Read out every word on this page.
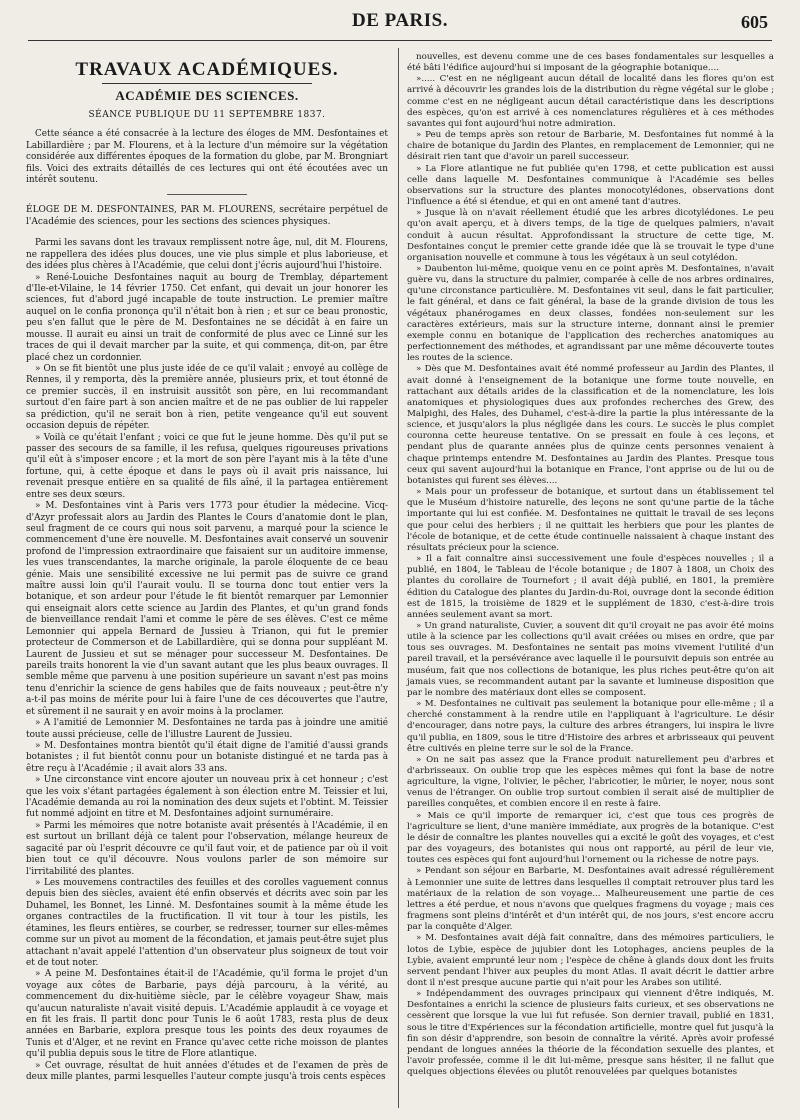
DE PARIS.	605
TRAVAUX ACADÉMIQUES.
ACADÉMIE DES SCIENCES.
SÉANCE PUBLIQUE DU 11 SEPTEMBRE 1837.

Cette séance a été consacrée à la lecture des éloges de MM. Desfontaines et Labillardière ; par M. Flourens, et à la lecture d'un mémoire sur la végétation considérée aux différentes époques de la formation du globe, par M. Brongniart fils. Voici des extraits détaillés de ces lectures qui ont été écoutées avec un intérêt soutenu.

ÉLOGE DE M. DESFONTAINES, PAR M. FLOURENS, secrétaire perpétuel de l'Académie des sciences, pour les sections des sciences physiques.

Parmi les savans dont les travaux remplissent notre âge, nul, dit M. Flourens, ne rappellera des idées plus douces, une vie plus simple et plus laborieuse, et des idées plus chères à l'Académie, que celui dont j'écris aujourd'hui l'histoire.

» René-Louiche Desfontaines naquit au bourg de Tremblay, département d'Ile-et-Vilaine, le 14 février 1750. Cet enfant, qui devait un jour honorer les sciences, fut d'abord jugé incapable de toute instruction. Le premier maître auquel on le confia prononça qu'il n'était bon à rien ; et sur ce beau pronostic, peu s'en fallut que le père de M. Desfontaines ne se décidât à en faire un mousse. Il aurait eu ainsi un trait de conformité de plus avec ce Linné sur les traces de qui il devait marcher par la suite, et qui commença, dit-on, par être placé chez un cordonnier.

» On se fit bientôt une plus juste idée de ce qu'il valait ; envoyé au collège de Rennes, il y remporta, dès la première année, plusieurs prix, et tout étonné de ce premier succès, il en instruisit aussitôt son père, en lui recommandant surtout d'en faire part à son ancien maître et de ne pas oublier de lui rappeler sa prédiction, qu'il ne serait bon à rien, petite vengeance qu'il eut souvent occasion depuis de répéter.

» Voilà ce qu'était l'enfant ; voici ce que fut le jeune homme. Dès qu'il put se passer des secours de sa famille, il les refusa, quelques rigoureuses privations qu'il eût à s'imposer encore ; et la mort de son père l'ayant mis à la tête d'une fortune, qui, à cette époque et dans le pays où il avait pris naissance, lui revenait presque entière en sa qualité de fils aîné, il la partagea entièrement entre ses deux sœurs.

» M. Desfontaines vint à Paris vers 1773 pour étudier la médecine. Vicq-d'Azyr professait alors au Jardin des Plantes le Cours d'anatomie dont le plan, seul fragment de ce cours qui nous soit parvenu, a marqué pour la science le commencement d'une ère nouvelle. M. Desfontaines avait conservé un souvenir profond de l'impression extraordinaire que faisaient sur un auditoire immense, les vues transcendantes, la marche originale, la parole éloquente de ce beau génie. Mais une sensibilité excessive ne lui permit pas de suivre ce grand maître aussi loin qu'il l'aurait voulu. Il se tourna donc tout entier vers la botanique, et son ardeur pour l'étude le fit bientôt remarquer par Lemonnier qui enseignait alors cette science au Jardin des Plantes, et qu'un grand fonds de bienveillance rendait l'ami et comme le père de ses élèves. C'est ce même Lemonnier qui appela Bernard de Jussieu à Trianon, qui fut le premier protecteur de Commerson et de Labillardière, qui se donna pour suppléant M. Laurent de Jussieu et sut se ménager pour successeur M. Desfontaines. De pareils traits honorent la vie d'un savant autant que les plus beaux ouvrages. Il semble même que parvenu à une position supérieure un savant n'est pas moins tenu d'enrichir la science de gens habiles que de faits nouveaux ; peut-être n'y a-t-il pas moins de mérite pour lui à faire l'une de ces découvertes que l'autre, et sûrement il ne saurait y en avoir moins à la proclamer.

» A l'amitié de Lemonnier M. Desfontaines ne tarda pas à joindre une amitié toute aussi précieuse, celle de l'illustre Laurent de Jussieu.

» M. Desfontaines montra bientôt qu'il était digne de l'amitié d'aussi grands botanistes ; il fut bientôt connu pour un botaniste distingué et ne tarda pas à être reçu à l'Académie ; il avait alors 33 ans.

» Une circonstance vint encore ajouter un nouveau prix à cet honneur ; c'est que les voix s'étant partagées également à son élection entre M. Teissier et lui, l'Académie demanda au roi la nomination des deux sujets et l'obtint. M. Teissier fut nommé adjoint en titre et M. Desfontaines adjoint surnuméraire.

» Parmi les mémoires que notre botaniste avait présentés à l'Académie, il en est surtout un brillant déjà ce talent pour l'observation, mélange heureux de sagacité par où l'esprit découvre ce qu'il faut voir, et de patience par où il voit bien tout ce qu'il découvre. Nous voulons parler de son mémoire sur l'irritabilité des plantes.

» Les mouvemens contractiles des feuilles et des corolles vaguement connus depuis bien des siècles, avaient été enfin observés et décrits avec soin par les Duhamel, les Bonnet, les Linné. M. Desfontaines soumit à la même étude les organes contractiles de la fructification. Il vit tour à tour les pistils, les étamines, les fleurs entières, se courber, se redresser, tourner sur elles-mêmes comme sur un pivot au moment de la fécondation, et jamais peut-être sujet plus attachant n'avait appelé l'attention d'un observateur plus soigneux de tout voir et de tout noter.

» A peine M. Desfontaines était-il de l'Académie, qu'il forma le projet d'un voyage aux côtes de Barbarie, pays déjà parcouru, à la vérité, au commencement du dix-huitième siècle, par le célèbre voyageur Shaw, mais qu'aucun naturaliste n'avait visité depuis. L'Académie applaudit à ce voyage et en fit les frais. Il partit donc pour Tunis le 6 août 1783, resta plus de deux années en Barbarie, explora presque tous les points des deux royaumes de Tunis et d'Alger, et ne revint en France qu'avec cette riche moisson de plantes qu'il publia depuis sous le titre de Flore atlantique.

» Cet ouvrage, résultat de huit années d'études et de l'examen de près de deux mille plantes, parmi lesquelles l'auteur compte jusqu'à trois cents espèces

nouvelles, est devenu comme une de ces bases fondamentales sur lesquelles a été bâti l'édifice aujourd'hui si imposant de la géographie botanique....

»..... C'est en ne négligeant aucun détail de localité dans les flores qu'on est arrivé à découvrir les grandes lois de la distribution du règne végétal sur le globe ; comme c'est en ne négligeant aucun détail caractéristique dans les descriptions des espèces, qu'on est arrivé à ces nomenclatures régulières et à ces méthodes savantes qui font aujourd'hui notre admiration.

» Peu de temps après son retour de Barbarie, M. Desfontaines fut nommé à la chaire de botanique du Jardin des Plantes, en remplacement de Lemonnier, qui ne désirait rien tant que d'avoir un pareil successeur.

» La Flore atlantique ne fut publiée qu'en 1798, et cette publication est aussi celle dans laquelle M. Desfontaines communique à l'Académie ses belles observations sur la structure des plantes monocotylédones, observations dont l'influence a été si étendue, et qui en ont amené tant d'autres.

» Jusque là on n'avait réellement étudié que les arbres dicotylédones. Le peu qu'on avait aperçu, et à divers temps, de la tige de quelques palmiers, n'avait conduit à aucun résultat. Approfondissant la structure de cette tige, M. Desfontaines conçut le premier cette grande idée que là se trouvait le type d'une organisation nouvelle et commune à tous les végétaux à un seul cotylédon.

» Daubenton lui-même, quoique venu en ce point après M. Desfontaines, n'avait guère vu, dans la structure du palmier, comparée à celle de nos arbres ordinaires, qu'une circonstance particulière. M. Desfontaines vit seul, dans le fait particulier, le fait général, et dans ce fait général, la base de la grande division de tous les végétaux phanérogames en deux classes, fondées non-seulement sur les caractères extérieurs, mais sur la structure interne, donnant ainsi le premier exemple connu en botanique de l'application des recherches anatomiques au perfectionnement des méthodes, et agrandissant par une même découverte toutes les routes de la science.

» Dès que M. Desfontaines avait été nommé professeur au Jardin des Plantes, il avait donné à l'enseignement de la botanique une forme toute nouvelle, en rattachant aux détails arides de la classification et de la nomenclature, les lois anatomiques et physiologiques dues aux profondes recherches des Grew, des Malpighi, des Hales, des Duhamel, c'est-à-dire la partie la plus intéressante de la science, et jusqu'alors la plus négligée dans les cours. Le succès le plus complet couronna cette heureuse tentative. On se pressait en foule à ces leçons, et pendant plus de quarante années plus de quinze cents personnes venaient à chaque printemps entendre M. Desfontaines au Jardin des Plantes. Presque tous ceux qui savent aujourd'hui la botanique en France, l'ont apprise ou de lui ou de botanistes qui furent ses élèves....

» Mais pour un professeur de botanique, et surtout dans un établissement tel que le Muséum d'histoire naturelle, des leçons ne sont qu'une partie de la tâche importante qui lui est confiée. M. Desfontaines ne quittait le travail de ses leçons que pour celui des herbiers ; il ne quittait les herbiers que pour les plantes de l'école de botanique, et de cette étude continuelle naissaient à chaque instant des résultats précieux pour la science.

» Il a fait connaître ainsi successivement une foule d'espèces nouvelles ; il a publié, en 1804, le Tableau de l'école botanique ; de 1807 à 1808, un Choix des plantes du corollaire de Tournefort ; il avait déjà publié, en 1801, la première édition du Catalogue des plantes du Jardin-du-Roi, ouvrage dont la seconde édition est de 1815, la troisième de 1829 et le supplément de 1830, c'est-à-dire trois années seulement avant sa mort.

» Un grand naturaliste, Cuvier, a souvent dit qu'il croyait ne pas avoir été moins utile à la science par les collections qu'il avait créées ou mises en ordre, que par tous ses ouvrages. M. Desfontaines ne sentait pas moins vivement l'utilité d'un pareil travail, et la persévérance avec laquelle il le poursuivit depuis son entrée au muséum, fait que nos collections de botanique, les plus riches peut-être qu'on ait jamais vues, se recommandent autant par la savante et lumineuse disposition que par le nombre des matériaux dont elles se composent.

» M. Desfontaines ne cultivait pas seulement la botanique pour elle-même ; il a cherché constamment à la rendre utile en l'appliquant à l'agriculture. Le désir d'encourager, dans notre pays, la culture des arbres étrangers, lui inspira le livre qu'il publia, en 1809, sous le titre d'Histoire des arbres et arbrisseaux qui peuvent être cultivés en pleine terre sur le sol de la France.

» On ne sait pas assez que la France produit naturellement peu d'arbres et d'arbrisseaux. On oublie trop que les espèces mêmes qui font la base de notre agriculture, la vigne, l'olivier, le pêcher, l'abricotier, le mûrier, le noyer, nous sont venus de l'étranger. On oublie trop surtout combien il serait aisé de multiplier de pareilles conquêtes, et combien encore il en reste à faire.

» Mais ce qu'il importe de remarquer ici, c'est que tous ces progrès de l'agriculture se lient, d'une manière immédiate, aux progrès de la botanique. C'est le désir de connaître les plantes nouvelles qui a excité le goût des voyages, et c'est par des voyageurs, des botanistes qui nous ont rapporté, au péril de leur vie, toutes ces espèces qui font aujourd'hui l'ornement ou la richesse de notre pays.

» Pendant son séjour en Barbarie, M. Desfontaines avait adressé régulièrement à Lemonnier une suite de lettres dans lesquelles il comptait retrouver plus tard les matériaux de la relation de son voyage... Malheureusement une partie de ces lettres a été perdue, et nous n'avons que quelques fragmens du voyage ; mais ces fragmens sont pleins d'intérêt et d'un intérêt qui, de nos jours, s'est encore accru par la conquête d'Alger.

» M. Desfontaines avait déjà fait connaître, dans des mémoires particuliers, le lotos de Lybie, espèce de jujubier dont les Lotophages, anciens peuples de la Lybie, avaient emprunté leur nom ; l'espèce de chêne à glands doux dont les fruits servent pendant l'hiver aux peuples du mont Atlas. Il avait décrit le dattier arbre dont il n'est presque aucune partie qui n'ait pour les Arabes son utilité.

» Indépendamment des ouvrages principaux qui viennent d'être indiqués, M. Desfontaines a enrichi la science de plusieurs faits curieux, et ses observations ne cessèrent que lorsque la vue lui fut refusée. Son dernier travail, publié en 1831, sous le titre d'Expériences sur la fécondation artificielle, montre quel fut jusqu'à la fin son désir d'apprendre, son besoin de connaître la vérité. Après avoir professé pendant de longues années la théorie de la fécondation sexuelle des plantes, et l'avoir professée, comme il le dit lui-même, presque sans hésiter, il ne fallut que quelques objections élevées ou plutôt renouvelées par quelques botanistes
